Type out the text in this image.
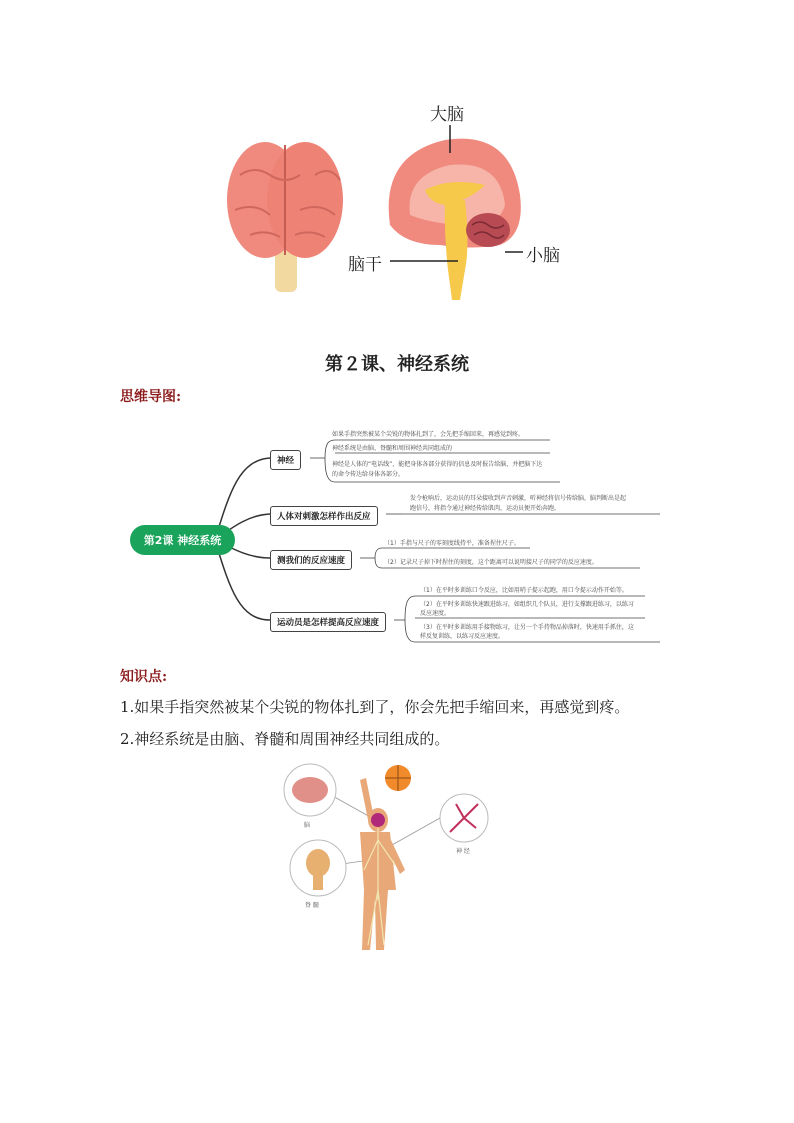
大脑
小脑
脑干
第２课、神经系统
思维导图:
第2课 神经系统
神经
人体对刺激怎样作出反应
测我们的反应速度
运动员是怎样提高反应速度
如果手指突然被某个尖锐的物体扎到了，会先把手缩回来，再感觉到疼。
神经系统是由脑、脊髓和周围神经共同组成的
神经是人体的“电话线”，能把身体各部分获得的信息及时报告给脑，并把脑下达
的命令传达给身体各部分。
发令枪响后，运动员的耳朵接收到声音刺激，听神经将信号传给脑，脑判断出是起
跑信号，将指令通过神经传给肌肉，运动员便开始奔跑。
（1）手指与尺子的零刻度线持平，准备捏住尺子。
（2）记录尺子掉下时捏住的刻度，这个距离可以说明接尺子的同学的反应速度。
（1）在平时多训练口令反应，比如用哨子提示起跑，用口令提示动作开始等。
（2）在平时多训练快速跟进练习，如组织几个队员，进行支撑跟进练习，以练习
反应速度。
（3）在平时多训练用手接物练习，让另一个手持物品掉落时，快速用手抓住，这
样反复训练，以练习反应速度。
知识点:
1.如果手指突然被某个尖锐的物体扎到了，你会先把手缩回来，再感觉到疼。
2.神经系统是由脑、脊髓和周围神经共同组成的。
脑
脊 髓
神 经
